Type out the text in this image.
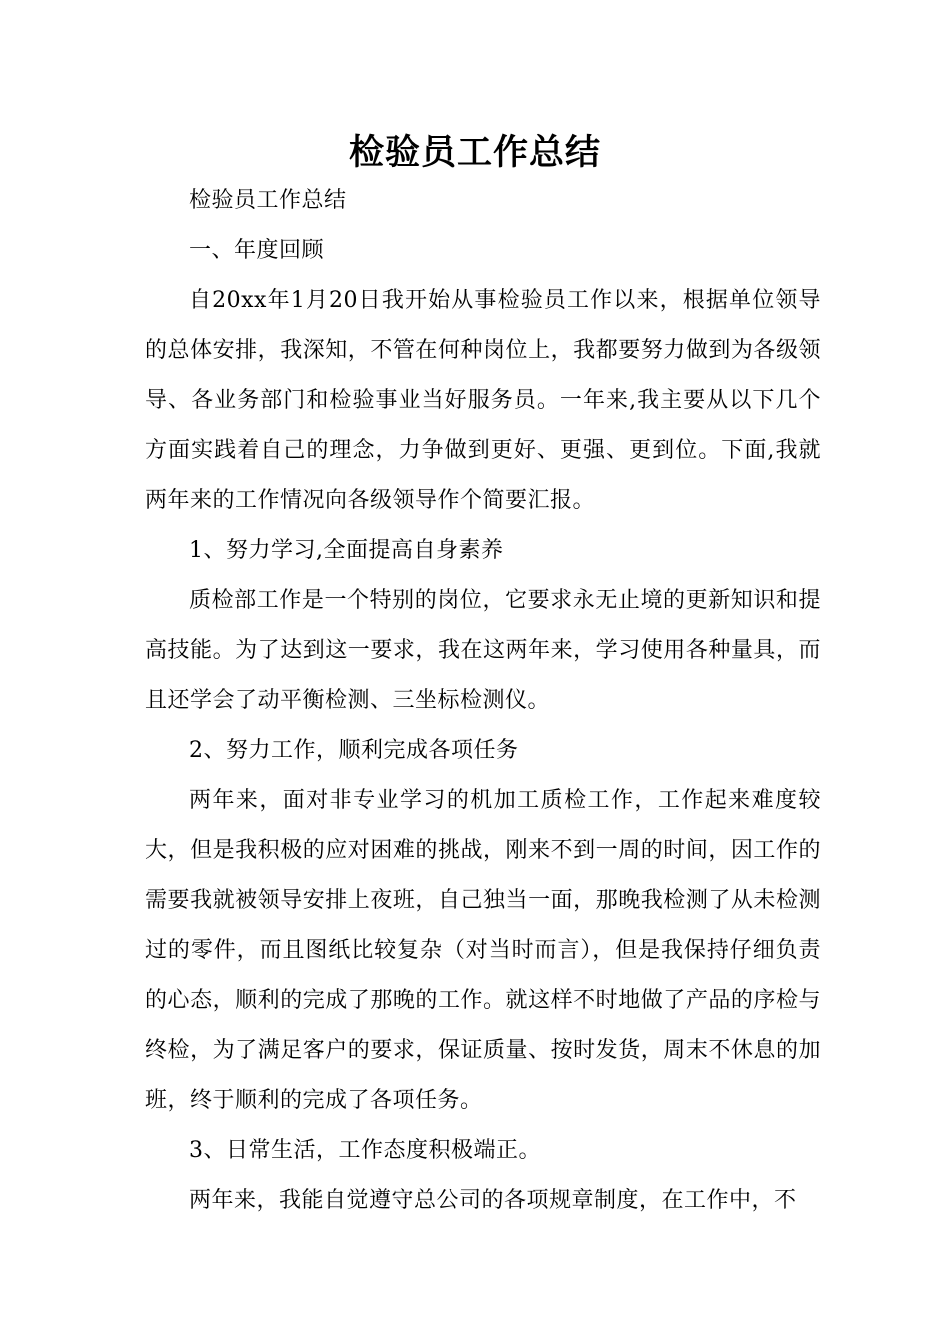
检验员工作总结

检验员工作总结

一、年度回顾

自20xx年1月20日我开始从事检验员工作以来，根据单位领导的总体安排，我深知，不管在何种岗位上，我都要努力做到为各级领导、各业务部门和检验事业当好服务员。一年来,我主要从以下几个方面实践着自己的理念，力争做到更好、更强、更到位。下面,我就两年来的工作情况向各级领导作个简要汇报。

1、努力学习,全面提高自身素养

质检部工作是一个特别的岗位，它要求永无止境的更新知识和提高技能。为了达到这一要求，我在这两年来，学习使用各种量具，而且还学会了动平衡检测、三坐标检测仪。

2、努力工作，顺利完成各项任务

两年来，面对非专业学习的机加工质检工作，工作起来难度较大，但是我积极的应对困难的挑战，刚来不到一周的时间，因工作的需要我就被领导安排上夜班，自己独当一面，那晚我检测了从未检测过的零件，而且图纸比较复杂（对当时而言），但是我保持仔细负责的心态，顺利的完成了那晚的工作。就这样不时地做了产品的序检与终检，为了满足客户的要求，保证质量、按时发货，周末不休息的加班，终于顺利的完成了各项任务。

3、日常生活，工作态度积极端正。

两年来，我能自觉遵守总公司的各项规章制度，在工作中，不
